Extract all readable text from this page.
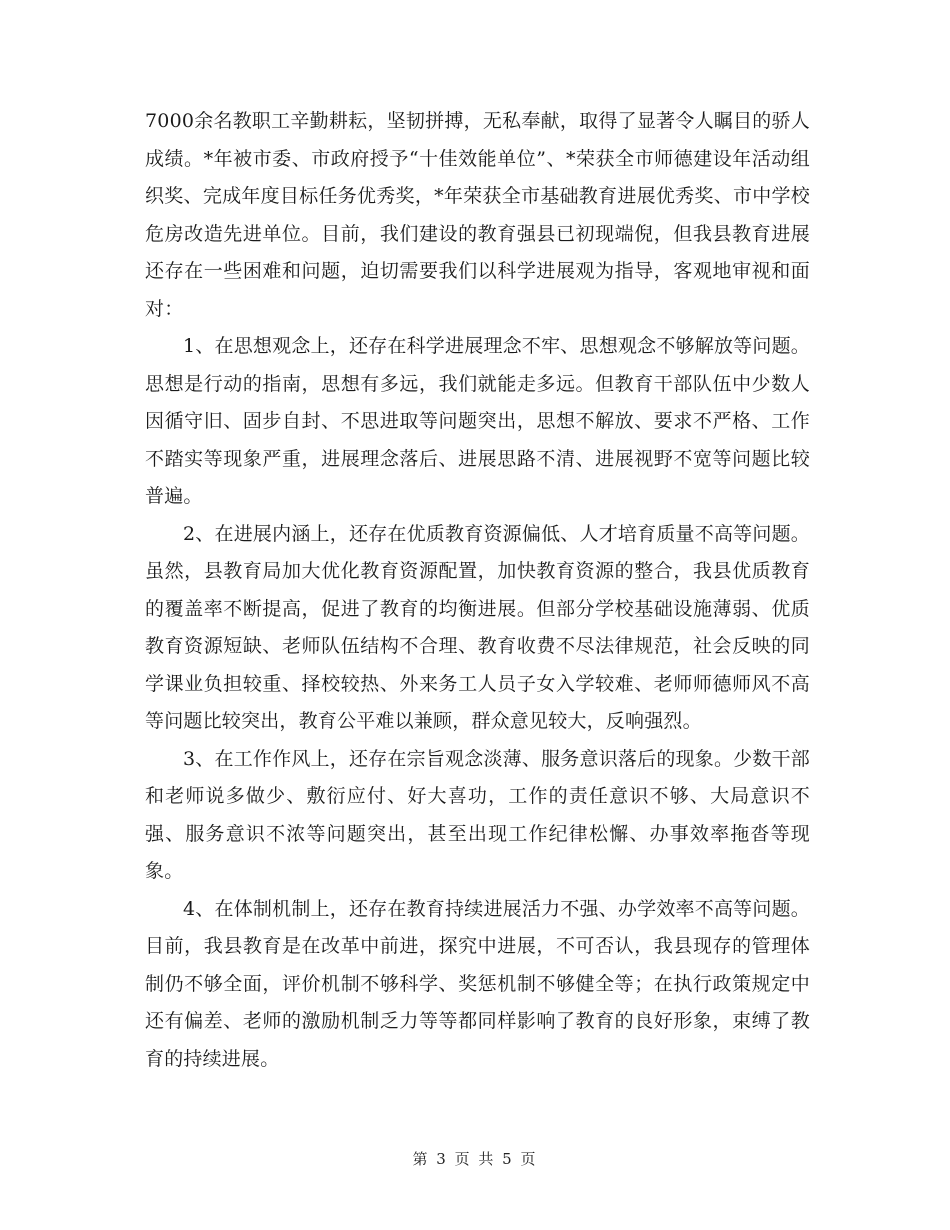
7000余名教职工辛勤耕耘，坚韧拼搏，无私奉献，取得了显著令人瞩目的骄人成绩。*年被市委、市政府授予“十佳效能单位”、*荣获全市师德建设年活动组织奖、完成年度目标任务优秀奖，*年荣获全市基础教育进展优秀奖、市中学校危房改造先进单位。目前，我们建设的教育强县已初现端倪，但我县教育进展还存在一些困难和问题，迫切需要我们以科学进展观为指导，客观地审视和面对：

1、在思想观念上，还存在科学进展理念不牢、思想观念不够解放等问题。思想是行动的指南，思想有多远，我们就能走多远。但教育干部队伍中少数人因循守旧、固步自封、不思进取等问题突出，思想不解放、要求不严格、工作不踏实等现象严重，进展理念落后、进展思路不清、进展视野不宽等问题比较普遍。

2、在进展内涵上，还存在优质教育资源偏低、人才培育质量不高等问题。虽然，县教育局加大优化教育资源配置，加快教育资源的整合，我县优质教育的覆盖率不断提高，促进了教育的均衡进展。但部分学校基础设施薄弱、优质教育资源短缺、老师队伍结构不合理、教育收费不尽法律规范，社会反映的同学课业负担较重、择校较热、外来务工人员子女入学较难、老师师德师风不高等问题比较突出，教育公平难以兼顾，群众意见较大，反响强烈。

3、在工作作风上，还存在宗旨观念淡薄、服务意识落后的现象。少数干部和老师说多做少、敷衍应付、好大喜功，工作的责任意识不够、大局意识不强、服务意识不浓等问题突出，甚至出现工作纪律松懈、办事效率拖沓等现象。

4、在体制机制上，还存在教育持续进展活力不强、办学效率不高等问题。目前，我县教育是在改革中前进，探究中进展，不可否认，我县现存的管理体制仍不够全面，评价机制不够科学、奖惩机制不够健全等；在执行政策规定中还有偏差、老师的激励机制乏力等等都同样影响了教育的良好形象，束缚了教育的持续进展。

第 3 页 共 5 页
